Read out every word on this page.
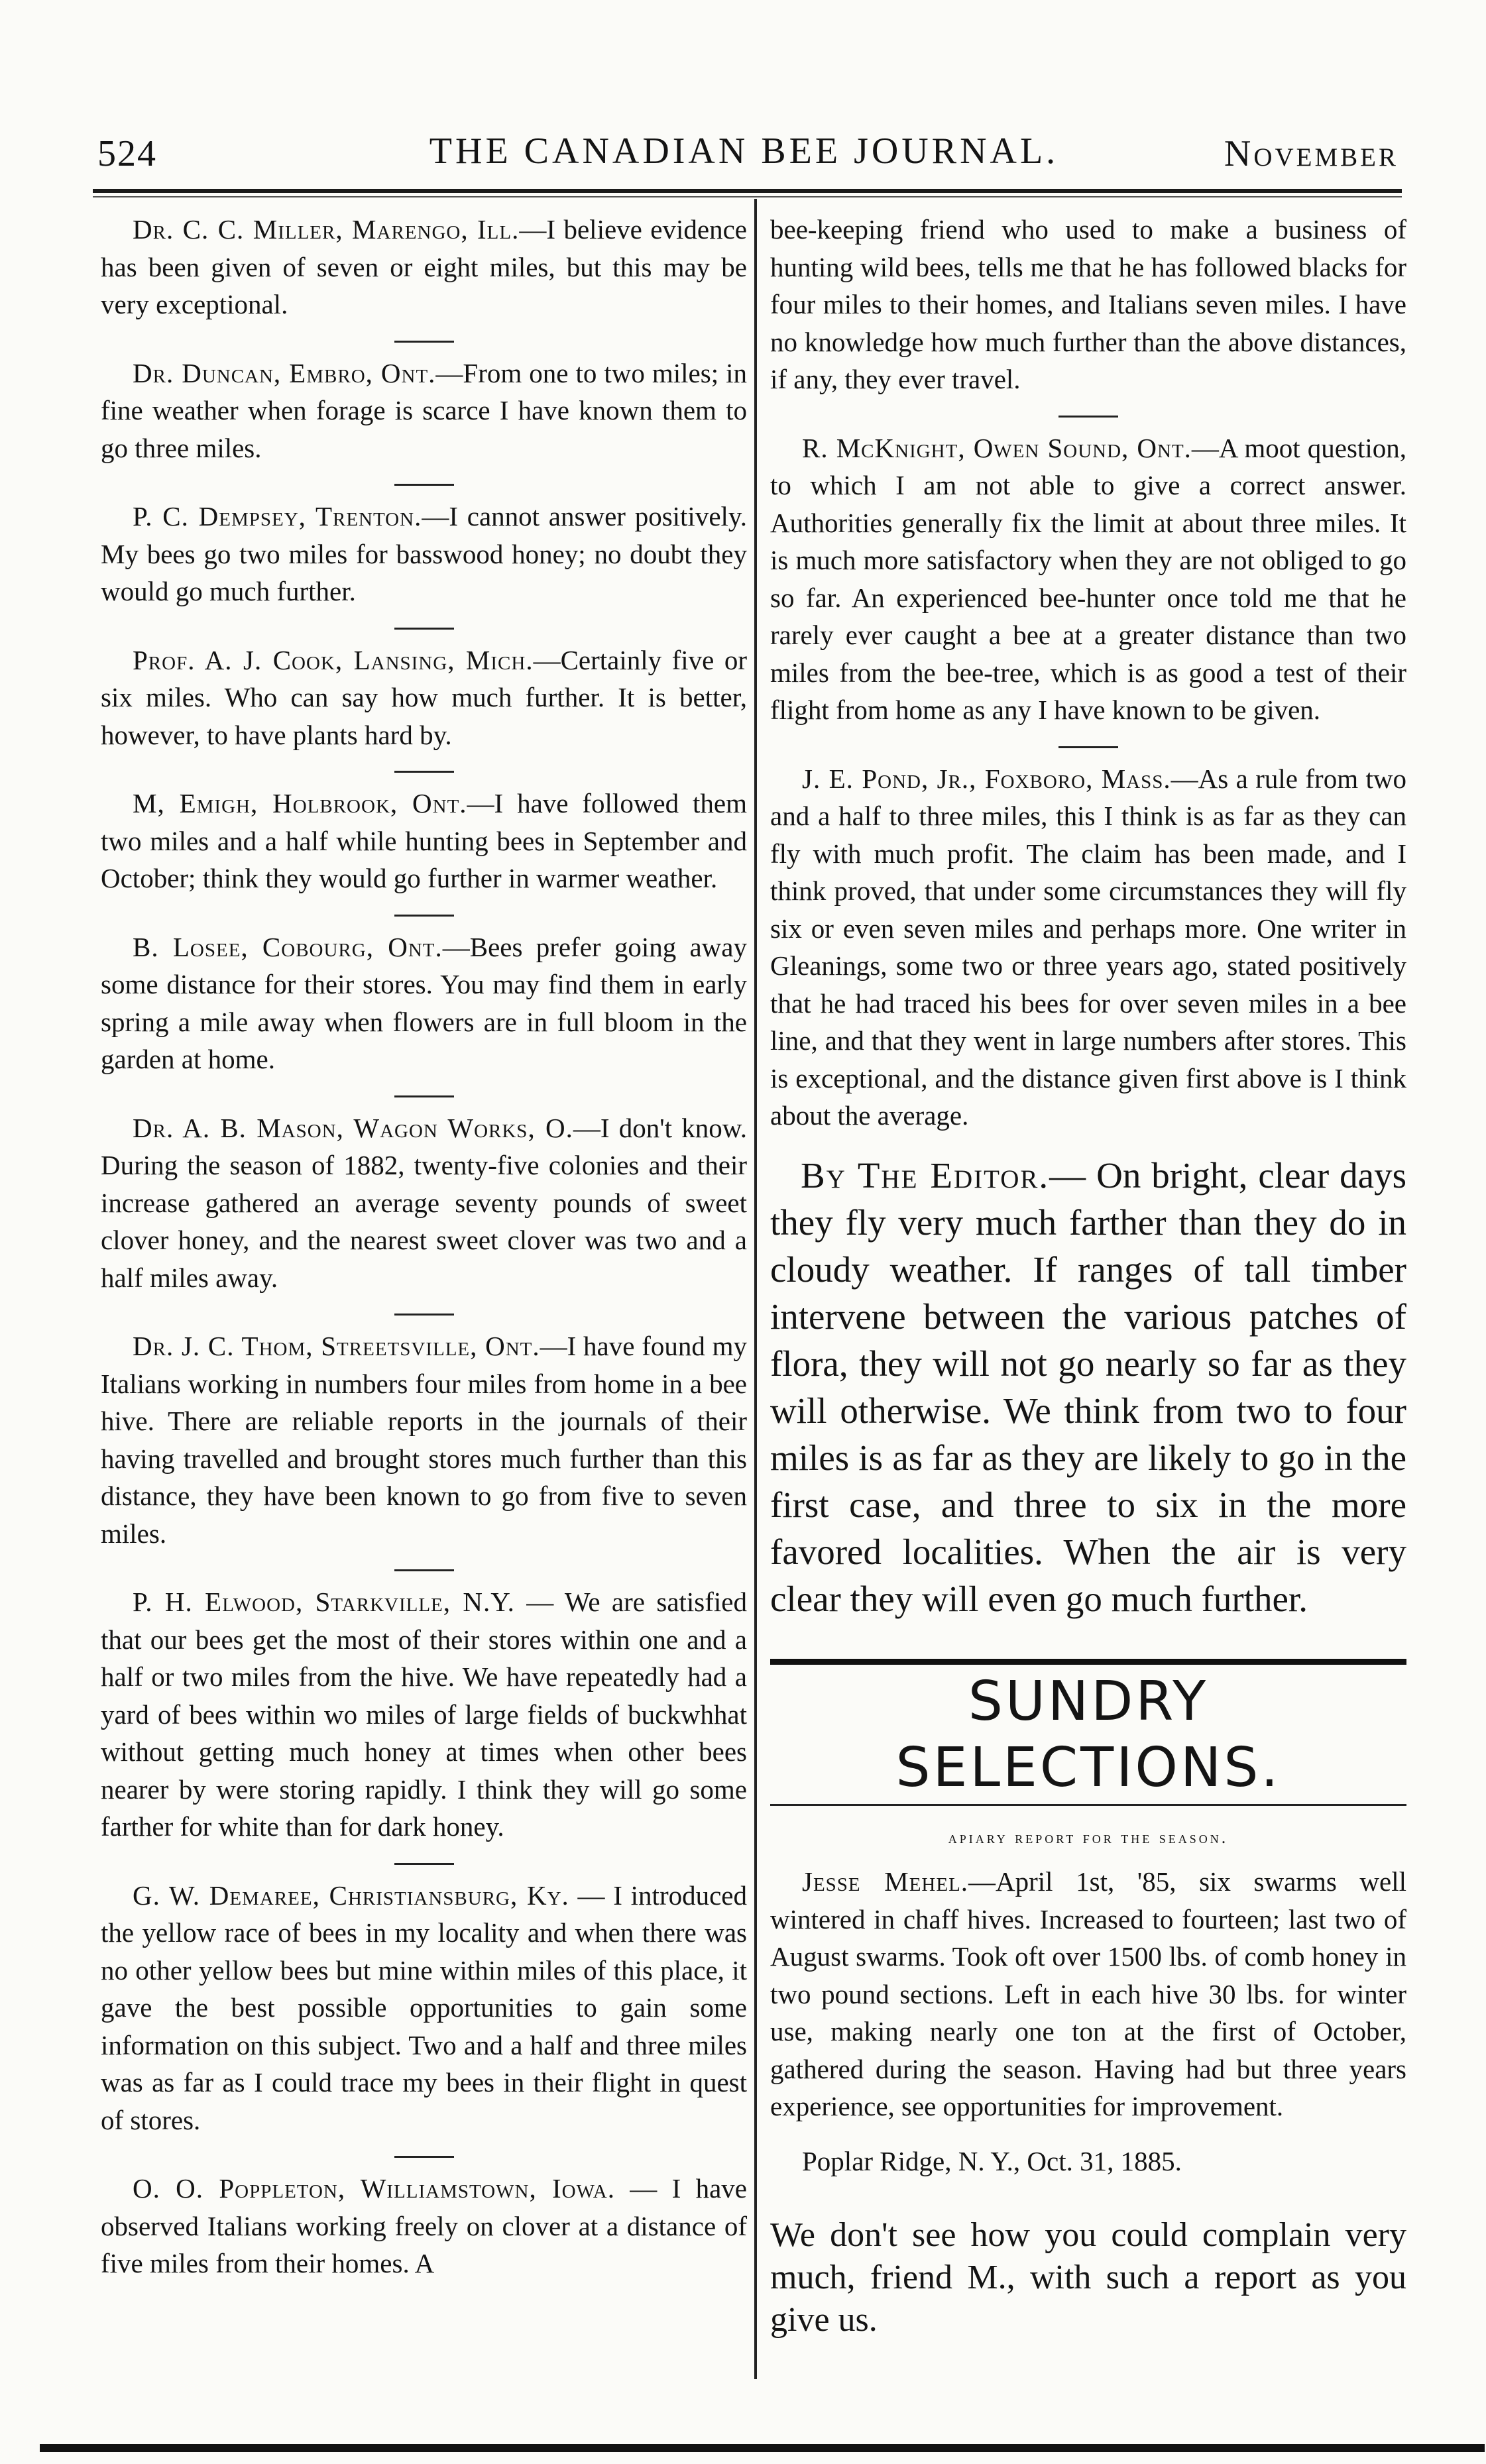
524	THE CANADIAN BEE JOURNAL.	November

Dr. C. C. Miller, Marengo, Ill.—I believe evidence has been given of seven or eight miles, but this may be very exceptional.

Dr. Duncan, Embro, Ont.—From one to two miles; in fine weather when forage is scarce I have known them to go three miles.

P. C. Dempsey, Trenton.—I cannot answer positively. My bees go two miles for basswood honey; no doubt they would go much further.

Prof. A. J. Cook, Lansing, Mich.—Certainly five or six miles. Who can say how much further. It is better, however, to have plants hard by.

M, Emigh, Holbrook, Ont.—I have followed them two miles and a half while hunting bees in September and October; think they would go further in warmer weather.

B. Losee, Cobourg, Ont.—Bees prefer going away some distance for their stores. You may find them in early spring a mile away when flowers are in full bloom in the garden at home.

Dr. A. B. Mason, Wagon Works, O.—I don't know. During the season of 1882, twenty-five colonies and their increase gathered an average seventy pounds of sweet clover honey, and the nearest sweet clover was two and a half miles away.

Dr. J. C. Thom, Streetsville, Ont.—I have found my Italians working in numbers four miles from home in a bee hive. There are reliable reports in the journals of their having travelled and brought stores much further than this distance, they have been known to go from five to seven miles.

P. H. Elwood, Starkville, N.Y. — We are satisfied that our bees get the most of their stores within one and a half or two miles from the hive. We have repeatedly had a yard of bees within wo miles of large fields of buckwhhat without getting much honey at times when other bees nearer by were storing rapidly. I think they will go some farther for white than for dark honey.

G. W. Demaree, Christiansburg, Ky. — I introduced the yellow race of bees in my locality and when there was no other yellow bees but mine within miles of this place, it gave the best possible opportunities to gain some information on this subject. Two and a half and three miles was as far as I could trace my bees in their flight in quest of stores.

O. O. Poppleton, Williamstown, Iowa. — I have observed Italians working freely on clover at a distance of five miles from their homes. A

bee-keeping friend who used to make a business of hunting wild bees, tells me that he has followed blacks for four miles to their homes, and Italians seven miles. I have no knowledge how much further than the above distances, if any, they ever travel.

R. McKnight, Owen Sound, Ont.—A moot question, to which I am not able to give a correct answer. Authorities generally fix the limit at about three miles. It is much more satisfactory when they are not obliged to go so far. An experienced bee-hunter once told me that he rarely ever caught a bee at a greater distance than two miles from the bee-tree, which is as good a test of their flight from home as any I have known to be given.

J. E. Pond, Jr., Foxboro, Mass.—As a rule from two and a half to three miles, this I think is as far as they can fly with much profit. The claim has been made, and I think proved, that under some circumstances they will fly six or even seven miles and perhaps more. One writer in Gleanings, some two or three years ago, stated positively that he had traced his bees for over seven miles in a bee line, and that they went in large numbers after stores. This is exceptional, and the distance given first above is I think about the average.

By The Editor.— On bright, clear days they fly very much farther than they do in cloudy weather. If ranges of tall timber intervene between the various patches of flora, they will not go nearly so far as they will otherwise. We think from two to four miles is as far as they are likely to go in the first case, and three to six in the more favored localities. When the air is very clear they will even go much further.

SUNDRY SELECTIONS.
apiary report for the season.

Jesse Mehel.—April 1st, '85, six swarms well wintered in chaff hives. Increased to fourteen; last two of August swarms. Took oft over 1500 lbs. of comb honey in two pound sections. Left in each hive 30 lbs. for winter use, making nearly one ton at the first of October, gathered during the season. Having had but three years experience, see opportunities for improvement.

Poplar Ridge, N. Y., Oct. 31, 1885.

We don't see how you could complain very much, friend M., with such a report as you give us.
